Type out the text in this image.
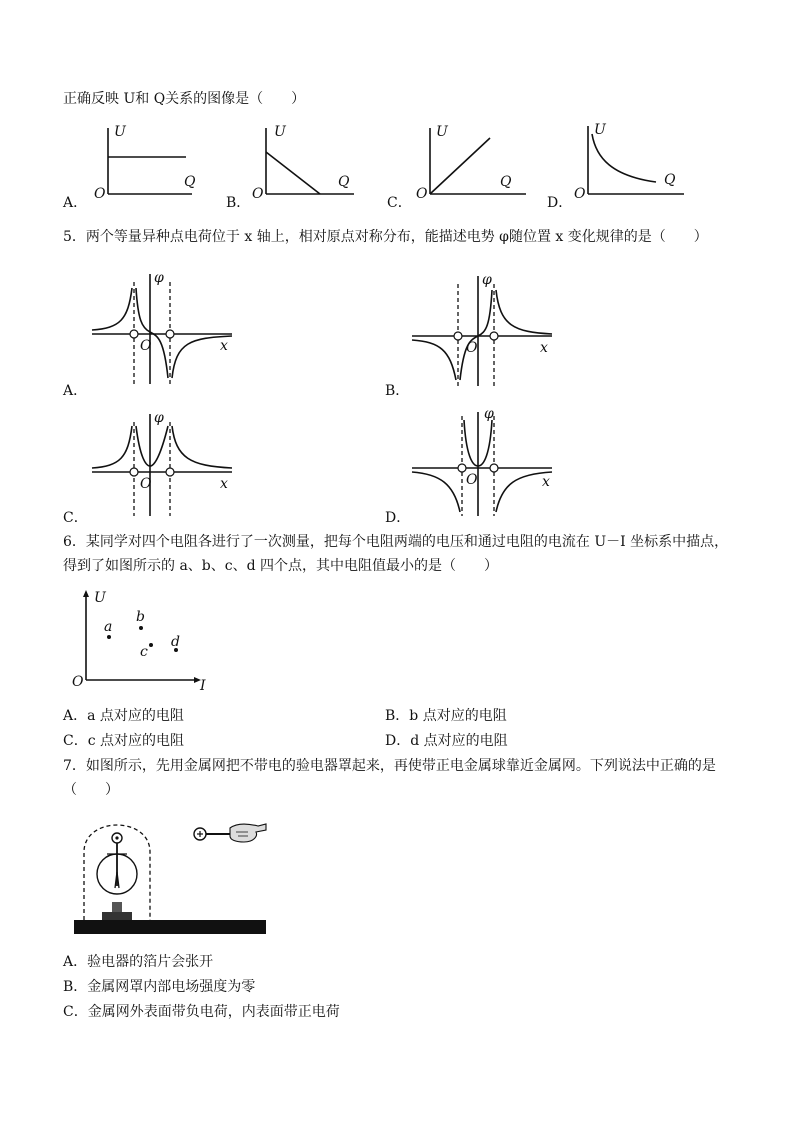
正确反映 U和 Q关系的图像是（　　）
U
Q
O
A．
U
Q
O
B．
U
Q
O
C．
U
Q
O
D．
5．两个等量异种点电荷位于 x 轴上，相对原点对称分布，能描述电势 φ随位置 x 变化规律的是（　　）
φ
x
O
A．
φ
x
O
B．
φ
x
O
C．
φ
x
O
D．
6．某同学对四个电阻各进行了一次测量，把每个电阻两端的电压和通过电阻的电流在 U－I 坐标系中描点，
得到了如图所示的 a、b、c、d 四个点，其中电阻值最小的是（　　）
U
I
O
a
b
c
d
A．a 点对应的电阻	B．b 点对应的电阻
C．c 点对应的电阻	D．d 点对应的电阻
7．如图所示，先用金属网把不带电的验电器罩起来，再使带正电金属球靠近金属网。下列说法中正确的是
（　　）
A．验电器的箔片会张开
B．金属网罩内部电场强度为零
C．金属网外表面带负电荷，内表面带正电荷
